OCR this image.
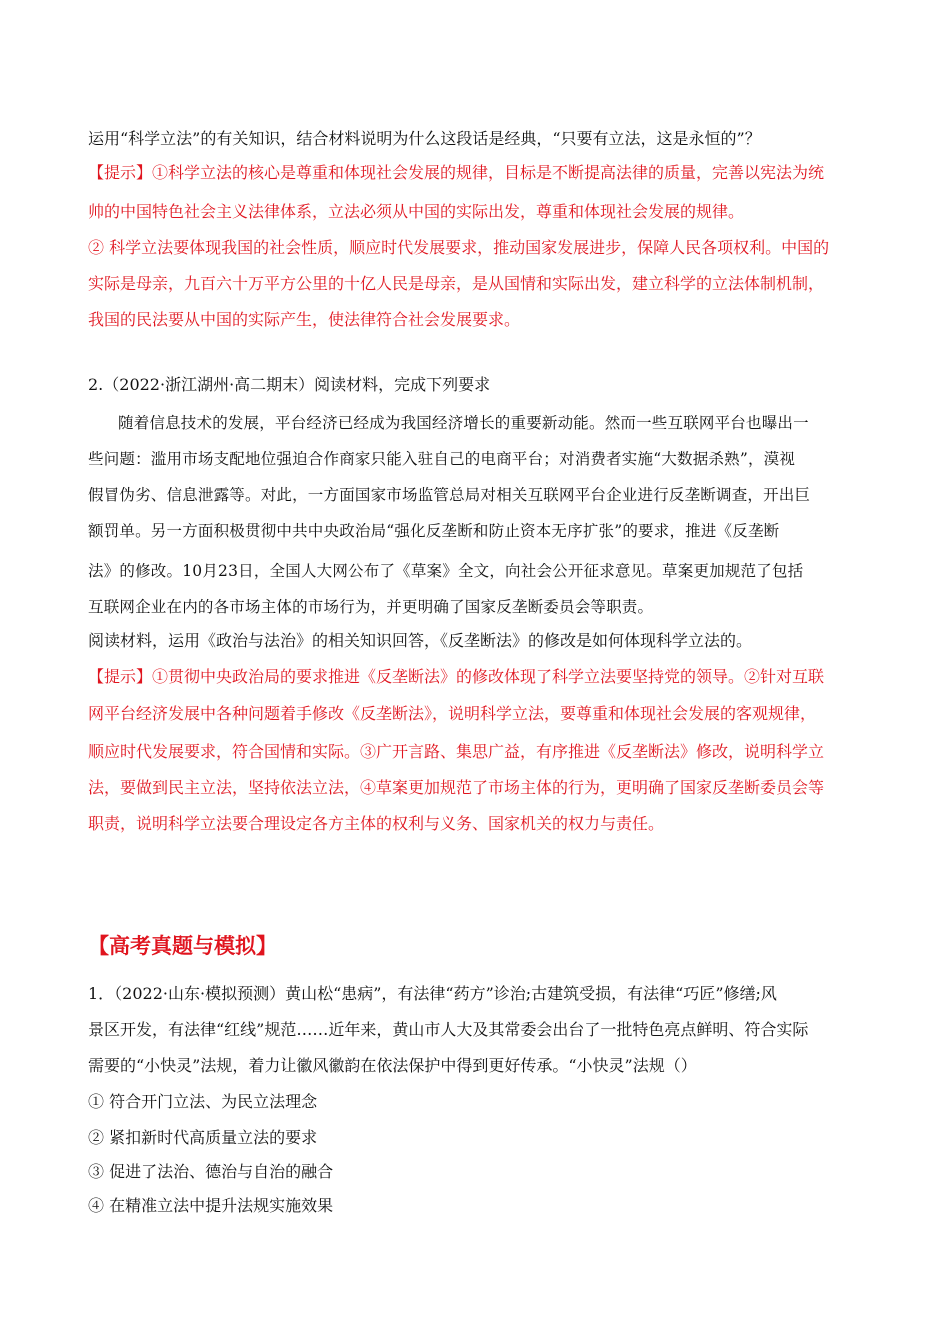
运用“科学立法”的有关知识，结合材料说明为什么这段话是经典，“只要有立法，这是永恒的”？
【提示】①科学立法的核心是尊重和体现社会发展的规律，目标是不断提高法律的质量，完善以宪法为统
帅的中国特色社会主义法律体系，立法必须从中国的实际出发，尊重和体现社会发展的规律。
② 科学立法要体现我国的社会性质，顺应时代发展要求，推动国家发展进步，保障人民各项权利。中国的
实际是母亲，九百六十万平方公里的十亿人民是母亲，是从国情和实际出发，建立科学的立法体制机制，
我国的民法要从中国的实际产生，使法律符合社会发展要求。
2.（2022·浙江湖州·高二期末）阅读材料，完成下列要求
随着信息技术的发展，平台经济已经成为我国经济增长的重要新动能。然而一些互联网平台也曝出一
些问题：滥用市场支配地位强迫合作商家只能入驻自己的电商平台；对消费者实施“大数据杀熟”，漠视
假冒伪劣、信息泄露等。对此，一方面国家市场监管总局对相关互联网平台企业进行反垄断调查，开出巨
额罚单。另一方面积极贯彻中共中央政治局“强化反垄断和防止资本无序扩张”的要求，推进《反垄断
法》的修改。10月23日，全国人大网公布了《草案》全文，向社会公开征求意见。草案更加规范了包括
互联网企业在内的各市场主体的市场行为，并更明确了国家反垄断委员会等职责。
阅读材料，运用《政治与法治》的相关知识回答，《反垄断法》的修改是如何体现科学立法的。
【提示】①贯彻中央政治局的要求推进《反垄断法》的修改体现了科学立法要坚持党的领导。②针对互联
网平台经济发展中各种问题着手修改《反垄断法》，说明科学立法，要尊重和体现社会发展的客观规律，
顺应时代发展要求，符合国情和实际。③广开言路、集思广益，有序推进《反垄断法》修改，说明科学立
法，要做到民主立法，坚持依法立法，④草案更加规范了市场主体的行为，更明确了国家反垄断委员会等
职责，说明科学立法要合理设定各方主体的权利与义务、国家机关的权力与责任。
【高考真题与模拟】
1．（2022·山东·模拟预测）黄山松“患病”，有法律“药方”诊治;古建筑受损，有法律“巧匠”修缮;风
景区开发，有法律“红线”规范……近年来，黄山市人大及其常委会出台了一批特色亮点鲜明、符合实际
需要的“小快灵”法规，着力让徽风徽韵在依法保护中得到更好传承。“小快灵”法规（）
① 符合开门立法、为民立法理念
② 紧扣新时代高质量立法的要求
③ 促进了法治、德治与自治的融合
④ 在精准立法中提升法规实施效果
